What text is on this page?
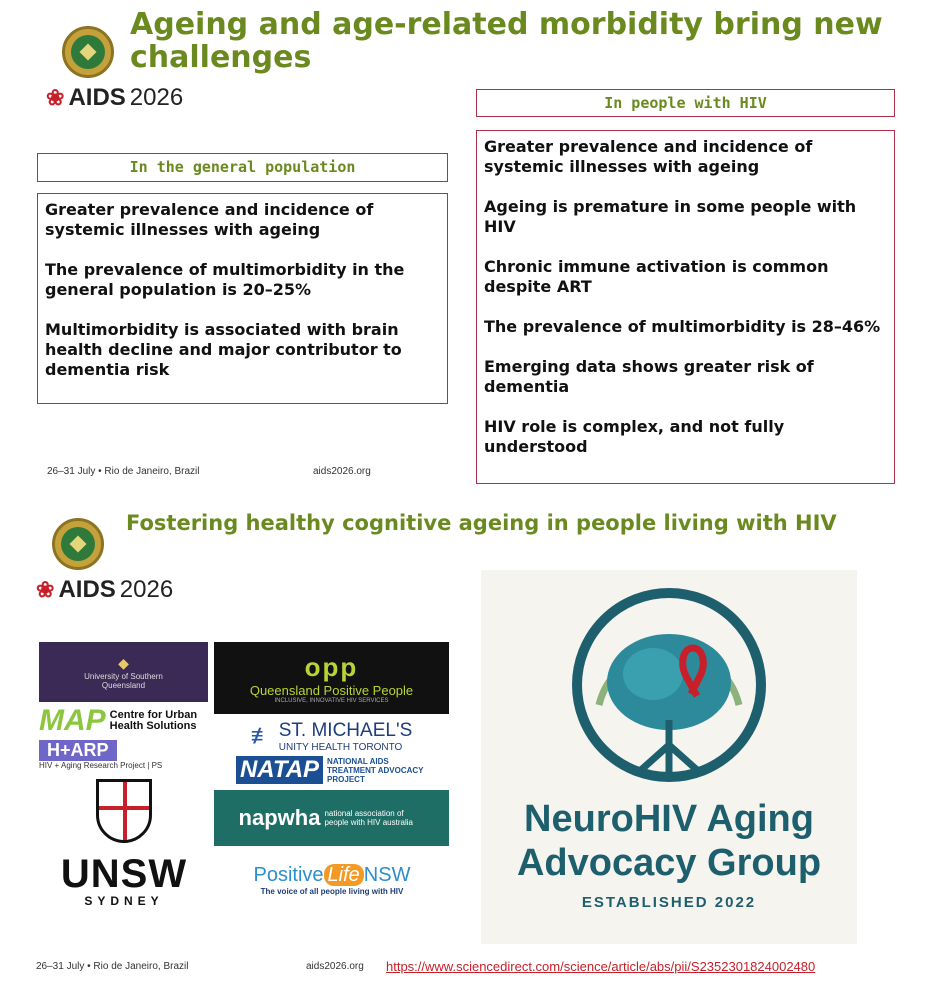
Ageing and age-related morbidity bring new challenges
❀ AIDS 2026
In the general population

Greater prevalence and incidence of systemic illnesses with ageing

The prevalence of multimorbidity in the general population is 20–25%

Multimorbidity is associated with brain health decline and major contributor to dementia risk

In people with HIV

Greater prevalence and incidence of systemic illnesses with ageing

Ageing is premature in some people with HIV

Chronic immune activation is common despite ART

The prevalence of multimorbidity is 28–46%

Emerging data shows greater risk of dementia

HIV role is complex, and not fully understood

26–31 July • Rio de Janeiro, Brazil	aids2026.org
Fostering healthy cognitive ageing in people living with HIV
❀ AIDS 2026
◆
University of Southern Queensland
opp
Queensland Positive People
INCLUSIVE, INNOVATIVE HIV SERVICES
MAP Centre for Urban Health Solutions	≢ ST. MICHAEL'S
UNITY HEALTH TORONTO
H+ARP
HIV + Aging Research Project | PS	NATAP	NATIONAL AIDS TREATMENT ADVOCACY PROJECT
napwha national association of people with HIV australia
UNSW
SYDNEY
Positive Life NSW
The voice of all people living with HIV
NeuroHIV Aging
Advocacy Group
ESTABLISHED 2022
26–31 July • Rio de Janeiro, Brazil	aids2026.org https://www.sciencedirect.com/science/article/abs/pii/S2352301824002480
